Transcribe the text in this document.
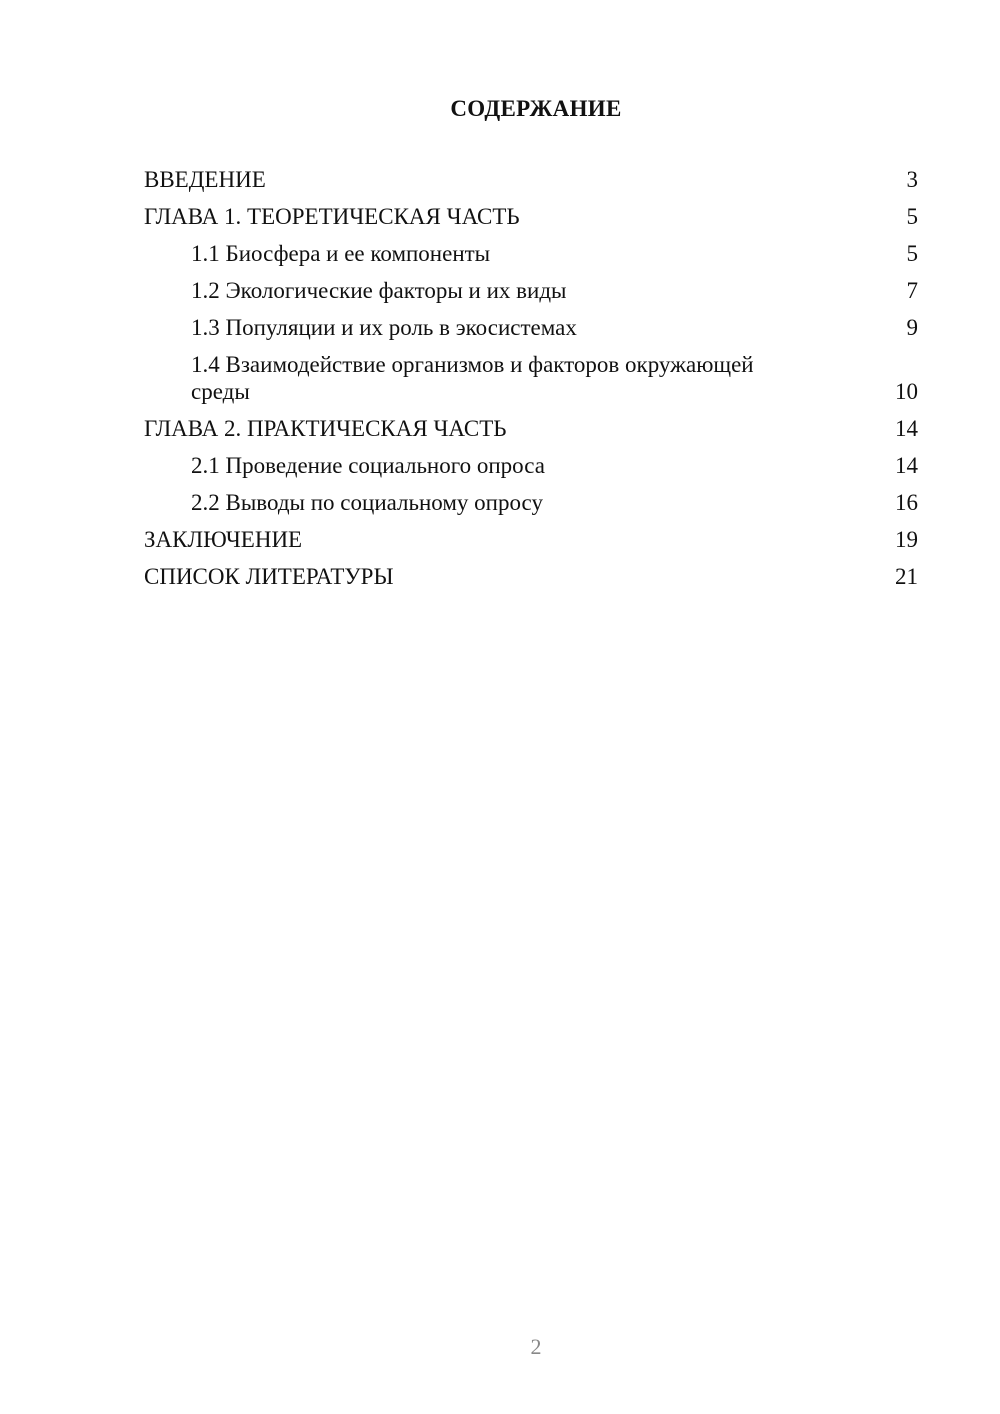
СОДЕРЖАНИЕ
ВВЕДЕНИЕ	3
ГЛАВА 1. ТЕОРЕТИЧЕСКАЯ ЧАСТЬ	5
1.1 Биосфера и ее компоненты	5
1.2 Экологические факторы и их виды	7
1.3 Популяции и их роль в экосистемах	9
1.4 Взаимодействие организмов и факторов окружающей среды	10
ГЛАВА 2. ПРАКТИЧЕСКАЯ ЧАСТЬ	14
2.1 Проведение социального опроса	14
2.2 Выводы по социальному опросу	16
ЗАКЛЮЧЕНИЕ	19
СПИСОК ЛИТЕРАТУРЫ	21
2
